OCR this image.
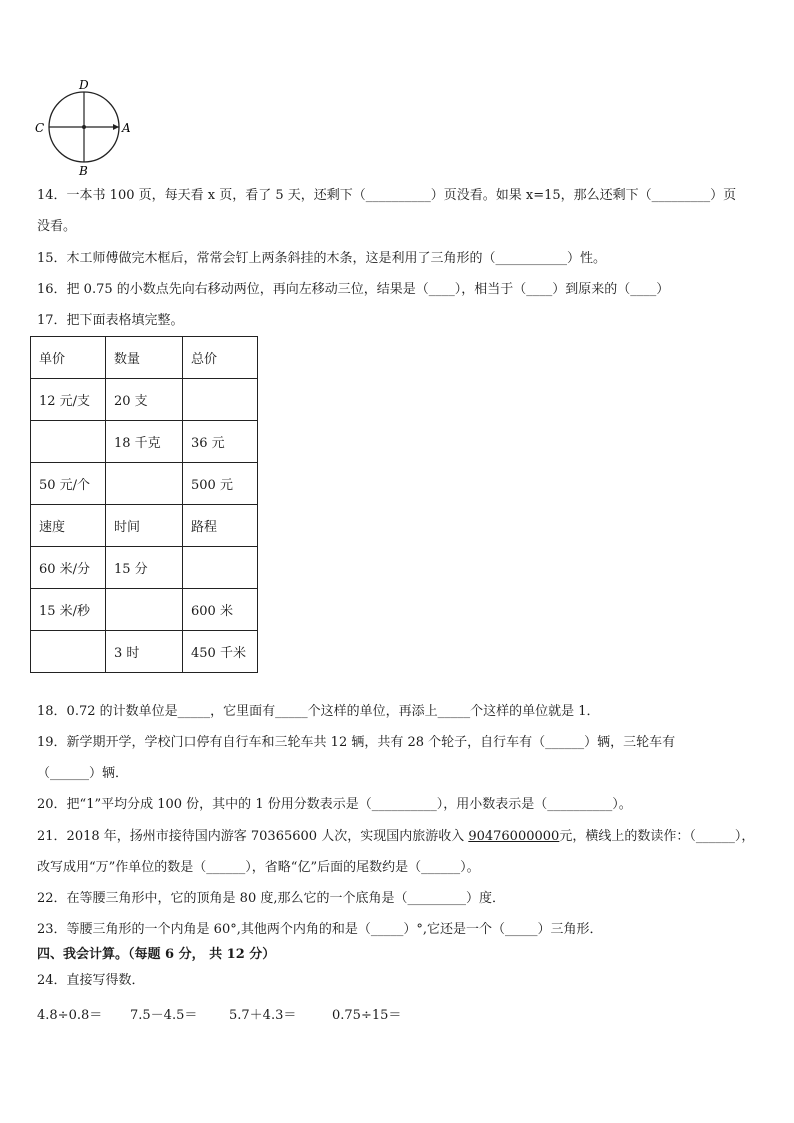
D
B
C	A
14．一本书 100 页，每天看 x 页，看了 5 天，还剩下（__________）页没看。如果 x=15，那么还剩下（_________）页
没看。
15．木工师傅做完木框后，常常会钉上两条斜挂的木条，这是利用了三角形的（___________）性。
16．把 0.75 的小数点先向右移动两位，再向左移动三位，结果是（____），相当于（____）到原来的（____）
17．把下面表格填完整。
单价	数量	总价
12 元/支	20 支	
	18 千克	36 元
50 元/个		500 元
速度	时间	路程
60 米/分	15 分	
15 米/秒		600 米
	3 时	450 千米
18．0.72 的计数单位是_____，它里面有_____个这样的单位，再添上_____个这样的单位就是 1．
19．新学期开学，学校门口停有自行车和三轮车共 12 辆，共有 28 个轮子，自行车有（______）辆，三轮车有
（______）辆．
20．把“1”平均分成 100 份，其中的 1 份用分数表示是（__________），用小数表示是（__________）。
21．2018 年，扬州市接待国内游客 70365600 人次，实现国内旅游收入 90476000000元，横线上的数读作：（______），
改写成用“万”作单位的数是（______），省略“亿”后面的尾数约是（______）。
22．在等腰三角形中，它的顶角是 80 度,那么它的一个底角是（_________）度．
23．等腰三角形的一个内角是 60°,其他两个内角的和是（_____）°,它还是一个（_____）三角形．
四、我会计算。（每题 6 分， 共 12 分）
24．直接写得数．
4.8÷0.8＝ 7.5－4.5＝ 5.7＋4.3＝	0.75÷15＝
